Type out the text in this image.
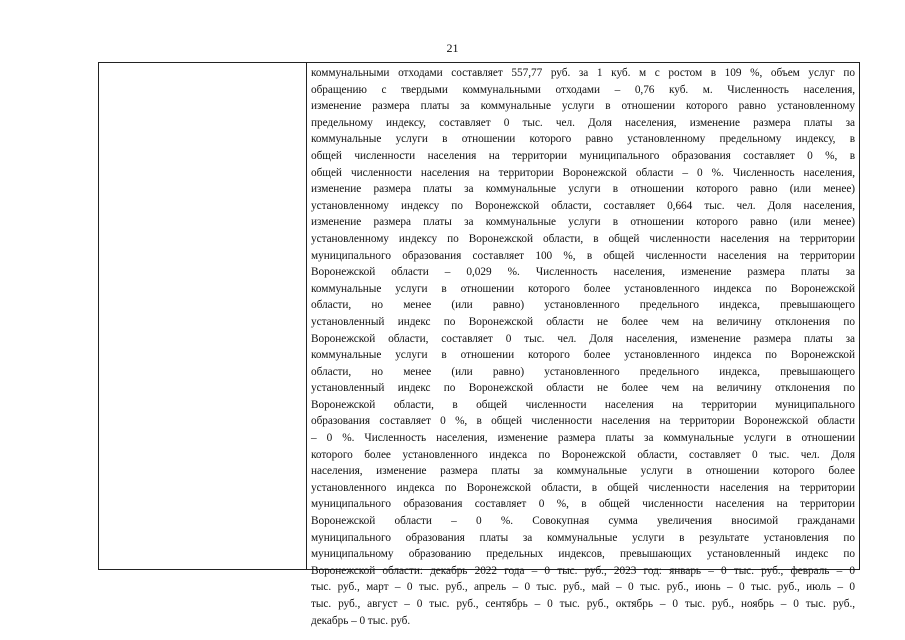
21
коммунальными отходами составляет 557,77 руб. за 1 куб. м с ростом в 109 %, объем услуг по
обращению с твердыми коммунальными отходами – 0,76 куб. м. Численность населения,
изменение размера платы за коммунальные услуги в отношении которого равно установленному
предельному индексу, составляет 0 тыс. чел. Доля населения, изменение размера платы за
коммунальные услуги в отношении которого равно установленному предельному индексу, в
общей численности населения на территории муниципального образования составляет 0 %, в
общей численности населения на территории Воронежской области – 0 %. Численность населения,
изменение размера платы за коммунальные услуги в отношении которого равно (или менее)
установленному индексу по Воронежской области, составляет 0,664 тыс. чел. Доля населения,
изменение размера платы за коммунальные услуги в отношении которого равно (или менее)
установленному индексу по Воронежской области, в общей численности населения на территории
муниципального образования составляет 100 %, в общей численности населения на территории
Воронежской области – 0,029 %. Численность населения, изменение размера платы за
коммунальные услуги в отношении которого более установленного индекса по Воронежской
области, но менее (или равно) установленного предельного индекса, превышающего
установленный индекс по Воронежской области не более чем на величину отклонения по
Воронежской области, составляет 0 тыс. чел. Доля населения, изменение размера платы за
коммунальные услуги в отношении которого более установленного индекса по Воронежской
области, но менее (или равно) установленного предельного индекса, превышающего
установленный индекс по Воронежской области не более чем на величину отклонения по
Воронежской области, в общей численности населения на территории муниципального
образования составляет 0 %, в общей численности населения на территории Воронежской области
– 0 %. Численность населения, изменение размера платы за коммунальные услуги в отношении
которого более установленного индекса по Воронежской области, составляет 0 тыс. чел. Доля
населения, изменение размера платы за коммунальные услуги в отношении которого более
установленного индекса по Воронежской области, в общей численности населения на территории
муниципального образования составляет 0 %, в общей численности населения на территории
Воронежской области – 0 %. Совокупная сумма увеличения вносимой гражданами
муниципального образования платы за коммунальные услуги в результате установления по
муниципальному образованию предельных индексов, превышающих установленный индекс по
Воронежской области: декабрь 2022 года – 0 тыс. руб., 2023 год: январь – 0 тыс. руб., февраль – 0
тыс. руб., март – 0 тыс. руб., апрель – 0 тыс. руб., май – 0 тыс. руб., июнь – 0 тыс. руб., июль – 0
тыс. руб., август – 0 тыс. руб., сентябрь – 0 тыс. руб., октябрь – 0 тыс. руб., ноябрь – 0 тыс. руб.,
декабрь – 0 тыс. руб.
